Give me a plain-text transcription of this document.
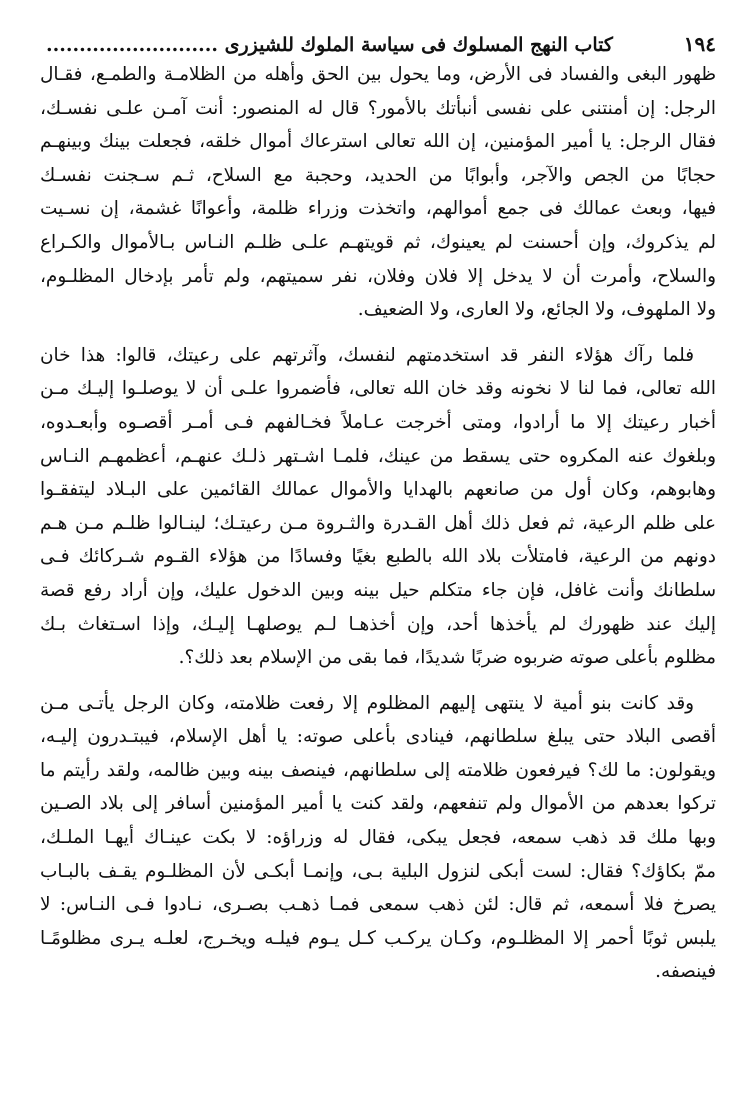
١٩٤
كتاب النهج المسلوك فى سياسة الملوك للشيزرى ..........................

ظهور البغى والفساد فى الأرض، وما يحول بين الحق وأهله من الظلامـة والطمـع، فقـال
الرجل: إن أمنتنى على نفسى أنبأتك بالأمور؟ قال له المنصور: أنت آمـن علـى نفسـك،
فقال الرجل: يا أمير المؤمنين، إن الله تعالى استرعاك أموال خلقه، فجعلت بينك وبينهـم
حجابًا من الجص والآجر، وأبوابًا من الحديد، وحجبة مع السلاح، ثـم سـجنت نفسـك
فيها، وبعث عمالك فى جمع أموالهم، واتخذت وزراء ظلمة، وأعوانًا غشمة، إن نسـيت
لم يذكروك، وإن أحسنت لم يعينوك، ثم قويتهـم علـى ظلـم النـاس بـالأموال والكـراع
والسلاح، وأمرت أن لا يدخل إلا فلان وفلان، نفر سميتهم، ولم تأمر بإدخال المظلـوم،
ولا الملهوف، ولا الجائع، ولا العارى، ولا الضعيف.

فلما رآك هؤلاء النفر قد استخدمتهم لنفسك، وآثرتهم على رعيتك، قالوا: هذا خان
الله تعالى، فما لنا لا نخونه وقد خان الله تعالى، فأضمروا علـى أن لا يوصلـوا إليـك مـن
أخبار رعيتك إلا ما أرادوا، ومتى أخرجت عـاملاً فخـالفهم فـى أمـر أقصـوه وأبعـدوه،
وبلغوك عنه المكروه حتى يسقط من عينك، فلمـا اشـتهر ذلـك عنهـم، أعظمهـم النـاس
وهابوهم، وكان أول من صانعهم بالهدايا والأموال عمالك القائمين على البـلاد ليتفقـوا
على ظلم الرعية، ثم فعل ذلك أهل القـدرة والثـروة مـن رعيتـك؛ لينـالوا ظلـم مـن هـم
دونهم من الرعية، فامتلأت بلاد الله بالطبع بغيًا وفسادًا من هؤلاء القـوم شـركائك فـى
سلطانك وأنت غافل، فإن جاء متكلم حيل بينه وبين الدخول عليك، وإن أراد رفع قصة
إليك عند ظهورك لم يأخذها أحد، وإن أخذهـا لـم يوصلهـا إليـك، وإذا اسـتغاث بـك
مظلوم بأعلى صوته ضربوه ضربًا شديدًا، فما بقى من الإسلام بعد ذلك؟.

وقد كانت بنو أمية لا ينتهى إليهم المظلوم إلا رفعت ظلامته، وكان الرجل يأتـى مـن
أقصى البلاد حتى يبلغ سلطانهم، فينادى بأعلى صوته: يا أهل الإسلام، فيبتـدرون إليـه،
ويقولون: ما لك؟ فيرفعون ظلامته إلى سلطانهم، فينصف بينه وبين ظالمه، ولقد رأيتم ما
تركوا بعدهم من الأموال ولم تنفعهم، ولقد كنت يا أمير المؤمنين أسافر إلى بلاد الصـين
وبها ملك قد ذهب سمعه، فجعل يبكى، فقال له وزراؤه: لا بكت عينـاك أيهـا الملـك،
ممّ بكاؤك؟ فقال: لست أبكى لنزول البلية بـى، وإنمـا أبكـى لأن المظلـوم يقـف بالبـاب
يصرخ فلا أسمعه، ثم قال: لئن ذهب سمعى فمـا ذهـب بصـرى، نـادوا فـى النـاس: لا
يلبس ثوبًا أحمر إلا المظلـوم، وكـان يركـب كـل يـوم فيلـه ويخـرج، لعلـه يـرى مظلومًـا
فينصفه.
